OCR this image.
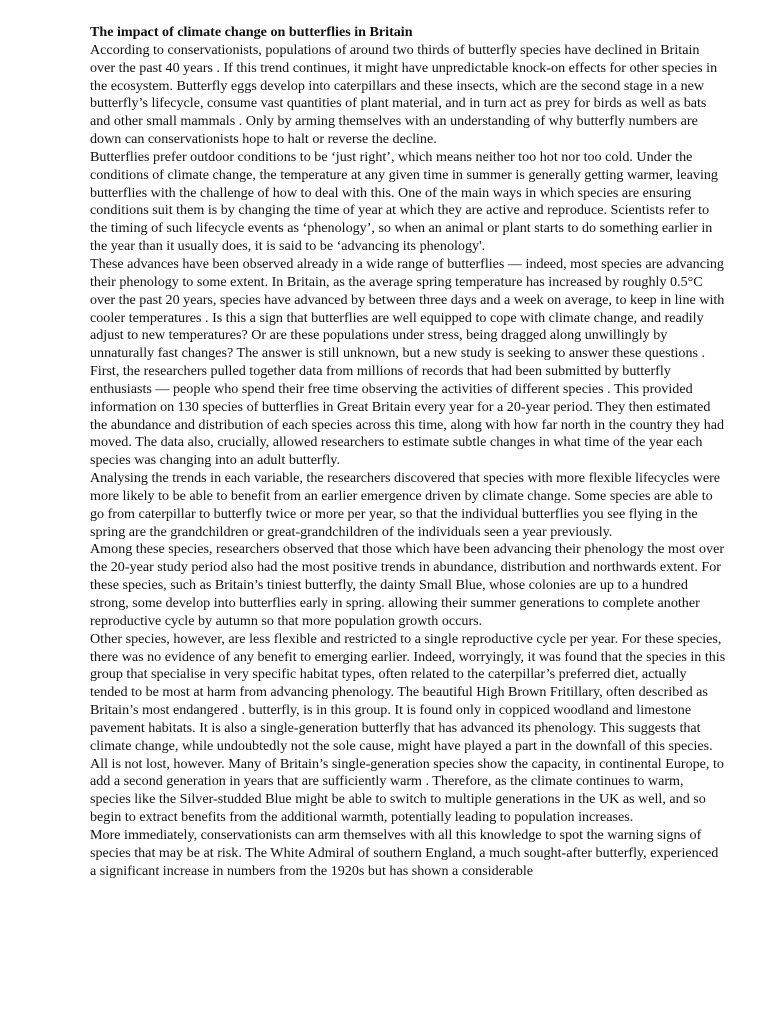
The impact of climate change on butterflies in Britain

According to conservationists, populations of around two thirds of butterfly species have declined in Britain over the past 40 years . If this trend continues, it might have unpredictable knock-on effects for other species in the ecosystem. Butterfly eggs develop into caterpillars and these insects, which are the second stage in a new butterfly’s lifecycle, consume vast quantities of plant material, and in turn act as prey for birds as well as bats and other small mammals . Only by arming themselves with an understanding of why butterfly numbers are down can conservationists hope to halt or reverse the decline.

Butterflies prefer outdoor conditions to be ‘just right’, which means neither too hot nor too cold. Under the conditions of climate change, the temperature at any given time in summer is generally getting warmer, leaving butterflies with the challenge of how to deal with this. One of the main ways in which species are ensuring conditions suit them is by changing the time of year at which they are active and reproduce. Scientists refer to the timing of such lifecycle events as ‘phenology’, so when an animal or plant starts to do something earlier in the year than it usually does, it is said to be ‘advancing its phenology'.

These advances have been observed already in a wide range of butterflies — indeed, most species are advancing their phenology to some extent. In Britain, as the average spring temperature has increased by roughly 0.5°C over the past 20 years, species have advanced by between three days and a week on average, to keep in line with cooler temperatures . Is this a sign that butterflies are well equipped to cope with climate change, and readily adjust to new temperatures? Or are these populations under stress, being dragged along unwillingly by unnaturally fast changes? The answer is still unknown, but a new study is seeking to answer these questions .

First, the researchers pulled together data from millions of records that had been submitted by butterfly enthusiasts — people who spend their free time observing the activities of different species . This provided information on 130 species of butterflies in Great Britain every year for a 20-year period. They then estimated the abundance and distribution of each species across this time, along with how far north in the country they had moved. The data also, crucially, allowed researchers to estimate subtle changes in what time of the year each species was changing into an adult butterfly.

Analysing the trends in each variable, the researchers discovered that species with more flexible lifecycles were more likely to be able to benefit from an earlier emergence driven by climate change. Some species are able to go from caterpillar to butterfly twice or more per year, so that the individual butterflies you see flying in the spring are the grandchildren or great-grandchildren of the individuals seen a year previously.

Among these species, researchers observed that those which have been advancing their phenology the most over the 20-year study period also had the most positive trends in abundance, distribution and northwards extent. For these species, such as Britain’s tiniest butterfly, the dainty Small Blue, whose colonies are up to a hundred strong, some develop into butterflies early in spring. allowing their summer generations to complete another reproductive cycle by autumn so that more population growth occurs.

Other species, however, are less flexible and restricted to a single reproductive cycle per year. For these species, there was no evidence of any benefit to emerging earlier. Indeed, worryingly, it was found that the species in this group that specialise in very specific habitat types, often related to the caterpillar’s preferred diet, actually tended to be most at harm from advancing phenology. The beautiful High Brown Fritillary, often described as Britain’s most endangered . butterfly, is in this group. It is found only in coppiced woodland and limestone pavement habitats. It is also a single-generation butterfly that has advanced its phenology. This suggests that climate change, while undoubtedly not the sole cause, might have played a part in the downfall of this species.

All is not lost, however. Many of Britain’s single-generation species show the capacity, in continental Europe, to add a second generation in years that are sufficiently warm . Therefore, as the climate continues to warm, species like the Silver-studded Blue might be able to switch to multiple generations in the UK as well, and so begin to extract benefits from the additional warmth, potentially leading to population increases.

More immediately, conservationists can arm themselves with all this knowledge to spot the warning signs of species that may be at risk. The White Admiral of southern England, a much sought-after butterfly, experienced a significant increase in numbers from the 1920s but has shown a considerable
